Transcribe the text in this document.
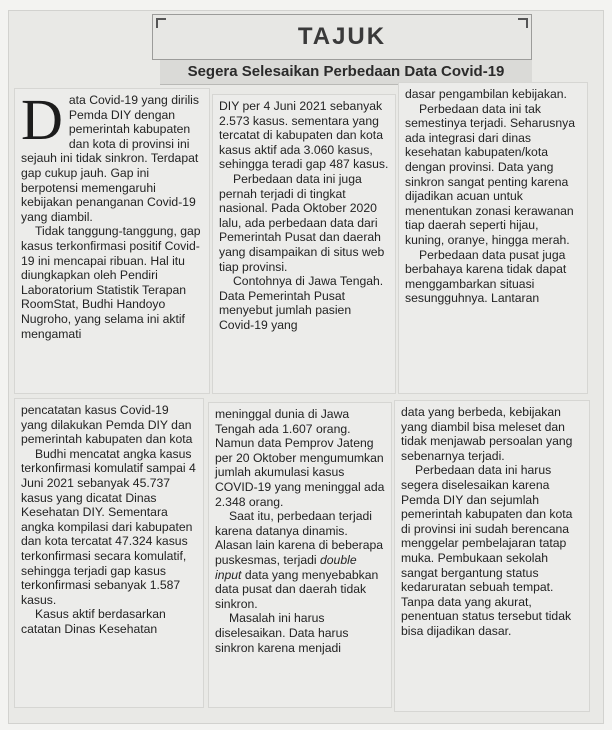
TAJUK
Segera Selesaikan Perbedaan Data Covid-19
D ata Covid-19 yang dirilis Pemda DIY dengan pemerintah kabupaten dan kota di provinsi ini sejauh ini tidak sinkron. Terdapat gap cukup jauh. Gap ini berpotensi memengaruhi kebijakan penanganan Covid-19 yang diambil.

Tidak tanggung-tanggung, gap kasus terkonfirmasi positif Covid-19 ini mencapai ribuan. Hal itu diungkapkan oleh Pendiri Laboratorium Statistik Terapan RoomStat, Budhi Handoyo Nugroho, yang selama ini aktif mengamati

DIY per 4 Juni 2021 sebanyak 2.573 kasus. sementara yang tercatat di kabupaten dan kota kasus aktif ada 3.060 kasus, sehingga teradi gap 487 kasus.

Perbedaan data ini juga pernah terjadi di tingkat nasional. Pada Oktober 2020 lalu, ada perbedaan data dari Pemerintah Pusat dan daerah yang disampaikan di situs web tiap provinsi.

Contohnya di Jawa Tengah. Data Pemerintah Pusat menyebut jumlah pasien Covid-19 yang

dasar pengambilan kebijakan.

Perbedaan data ini tak semestinya terjadi. Seharusnya ada integrasi dari dinas kesehatan kabupaten/kota dengan provinsi. Data yang sinkron sangat penting karena dijadikan acuan untuk menentukan zonasi kerawanan tiap daerah seperti hijau, kuning, oranye, hingga merah.

Perbedaan data pusat juga berbahaya karena tidak dapat menggambarkan situasi sesungguhnya. Lantaran

pencatatan kasus Covid-19 yang dilakukan Pemda DIY dan pemerintah kabupaten dan kota

Budhi mencatat angka kasus terkonfirmasi komulatif sampai 4 Juni 2021 sebanyak 45.737 kasus yang dicatat Dinas Kesehatan DIY. Sementara angka kompilasi dari kabupaten dan kota tercatat 47.324 kasus terkonfirmasi secara komulatif, sehingga terjadi gap kasus terkonfirmasi sebanyak 1.587 kasus.

Kasus aktif berdasarkan catatan Dinas Kesehatan

meninggal dunia di Jawa Tengah ada 1.607 orang. Namun data Pemprov Jateng per 20 Oktober mengumumkan jumlah akumulasi kasus COVID-19 yang meninggal ada 2.348 orang.

Saat itu, perbedaan terjadi karena datanya dinamis. Alasan lain karena di beberapa puskesmas, terjadi double input data yang menyebabkan data pusat dan daerah tidak sinkron.

Masalah ini harus diselesaikan. Data harus sinkron karena menjadi

data yang berbeda, kebijakan yang diambil bisa meleset dan tidak menjawab persoalan yang sebenarnya terjadi.

Perbedaan data ini harus segera diselesaikan karena Pemda DIY dan sejumlah pemerintah kabupaten dan kota di provinsi ini sudah berencana menggelar pembelajaran tatap muka. Pembukaan sekolah sangat bergantung status kedaruratan sebuah tempat. Tanpa data yang akurat, penentuan status tersebut tidak bisa dijadikan dasar.
